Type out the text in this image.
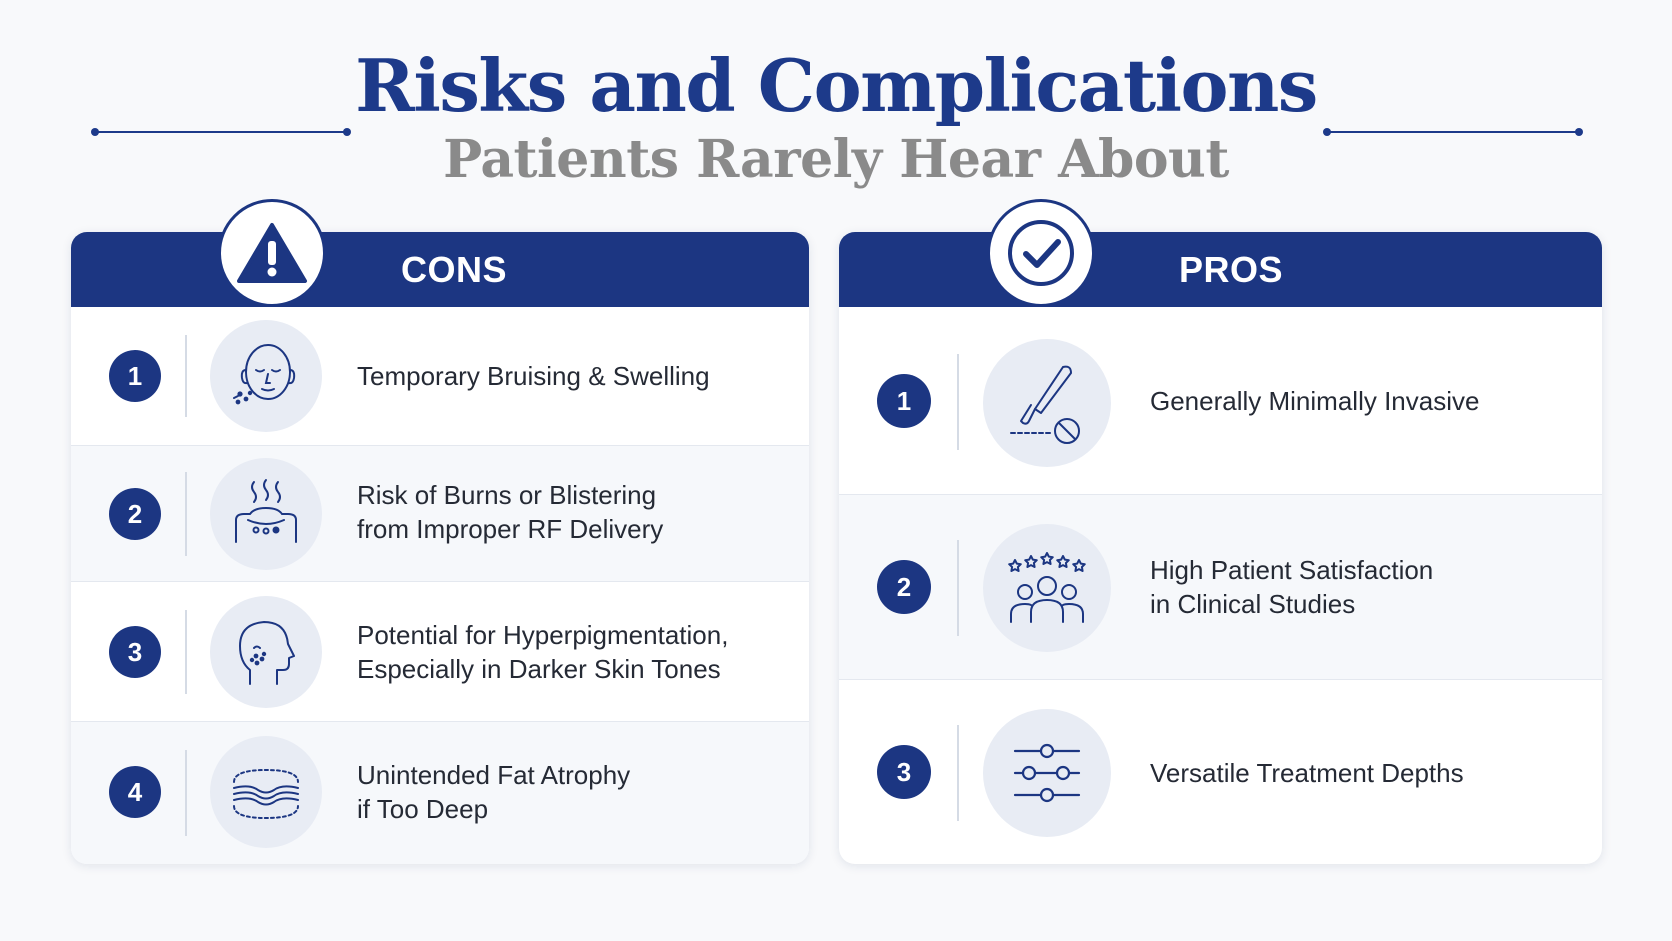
Risks and Complications
Patients Rarely Hear About
CONS
1	Temporary Bruising & Swelling
2
Risk of Burns or Blistering
from Improper RF Delivery
3
Potential for Hyperpigmentation,
Especially in Darker Skin Tones
4
Unintended Fat Atrophy
if Too Deep
PROS
1	Generally Minimally Invasive
2
High Patient Satisfaction
in Clinical Studies
3	Versatile Treatment Depths
